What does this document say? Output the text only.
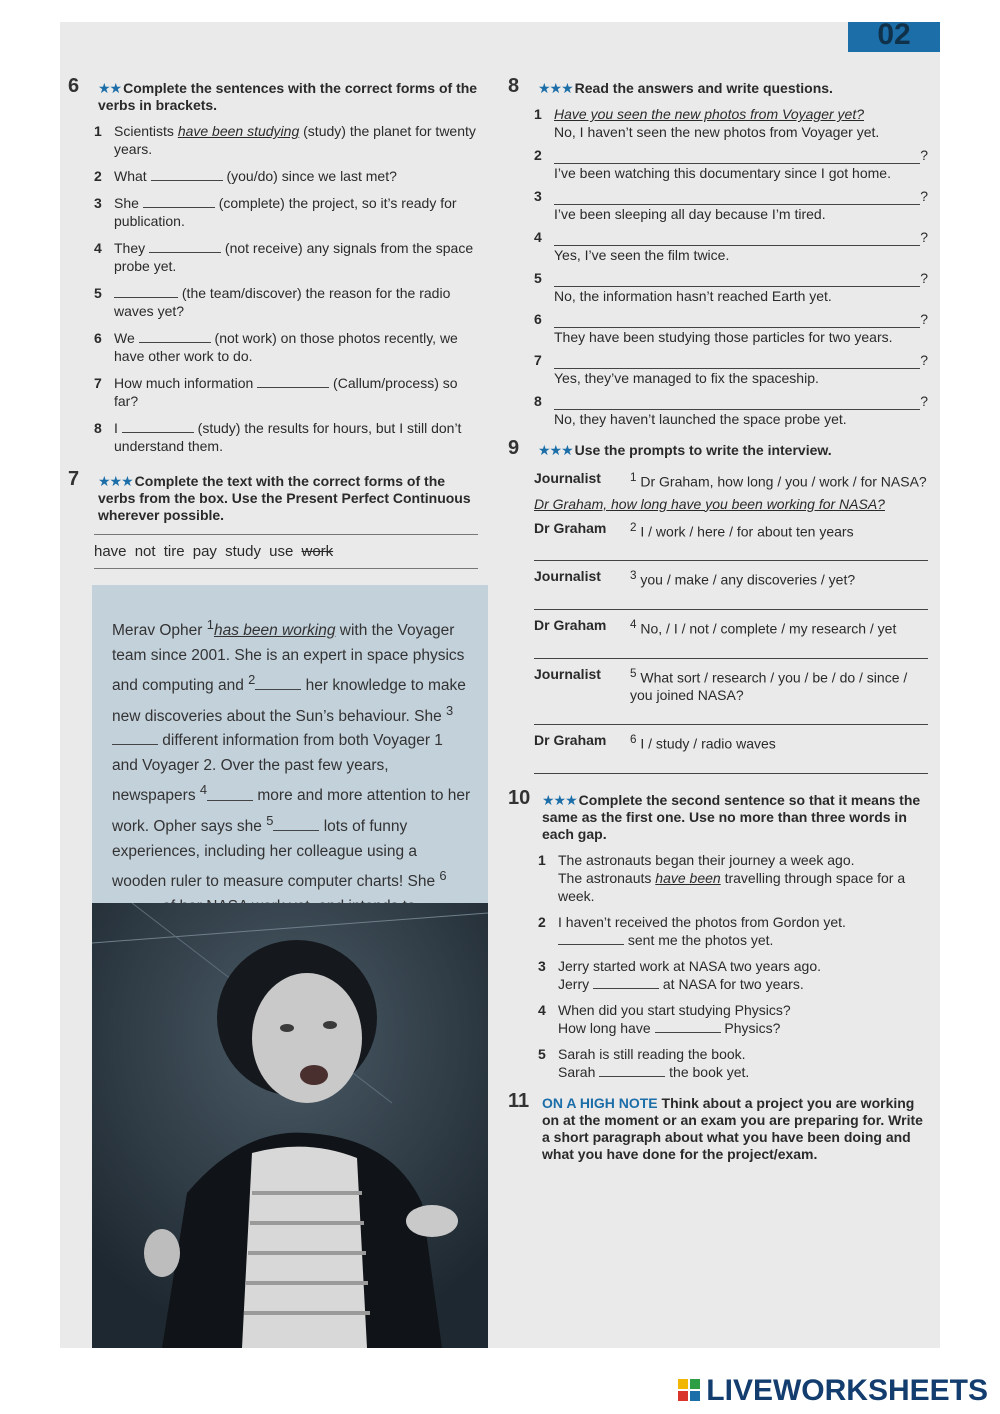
02
6 ★★ Complete the sentences with the correct forms of the verbs in brackets.
1 Scientists have been studying (study) the planet for twenty years.
2 What	(you/do) since we last met?
3 She	(complete) the project, so it’s ready for publication.
4 They	(not receive) any signals from the space probe yet.
5	(the team/discover) the reason for the radio waves yet?
6 We	(not work) on those photos recently, we have other work to do.
7 How much information	(Callum/process) so far?
8 I	(study) the results for hours, but I still don’t understand them.
7 ★★★ Complete the text with the correct forms of the verbs from the box. Use the Present Perfect Continuous wherever possible.
have not tire pay study use work
Merav Opher $^1$has been working with the Voyager team since 2001. She is an expert in space physics and computing and $^2$	her knowledge to make new discoveries about the Sun’s behaviour. She $^3$ different information from both Voyager 1 and Voyager 2. Over the past few years, newspapers $^4$	more and more attention to her work. Opher says she $^5$	lots of funny experiences, including her colleague using a wooden ruler to measure computer charts! She $^6$
8 ★★★ Read the answers and write questions.
1 Have you seen the new photos from Voyager yet?
No, I haven’t seen the new photos from Voyager yet.
2	?
I’ve been watching this documentary since I got home.
3	?
I’ve been sleeping all day because I’m tired.
4	?
Yes, I’ve seen the film twice.
5	?
No, the information hasn’t reached Earth yet.
6	?
They have been studying those particles for two years.
7	?
Yes, they’ve managed to fix the spaceship.
8	?
No, they haven’t launched the space probe yet.
9 ★★★ Use the prompts to write the interview.
Journalist	$^1$ Dr Graham, how long / you / work / for NASA?
Dr Graham, how long have you been working for NASA?
Dr Graham	$^2$ I / work / here / for about ten years
Journalist	$^3$ you / make / any discoveries / yet?
Dr Graham	$^4$ No, / I / not / complete / my research / yet
Journalist	$^5$ What sort / research / you / be / do / since / you joined NASA?
Dr Graham	$^6$ I / study / radio waves
10 ★★★ Complete the second sentence so that it means the same as the first one. Use no more than three words in each gap.
1 The astronauts began their journey a week ago.
The astronauts have been travelling through space for a week.
2 I haven’t received the photos from Gordon yet.
sent me the photos yet.
3 Jerry started work at NASA two years ago.
Jerry	at NASA for two years.
4 When did you start studying Physics?
How long have	Physics?
5 Sarah is still reading the book.
Sarah	the book yet.
11 ON A HIGH NOTE Think about a project you are working on at the moment or an exam you are preparing for. Write a short paragraph about what you have been doing and what you have done for the project/exam.
LIVEWORKSHEETS
